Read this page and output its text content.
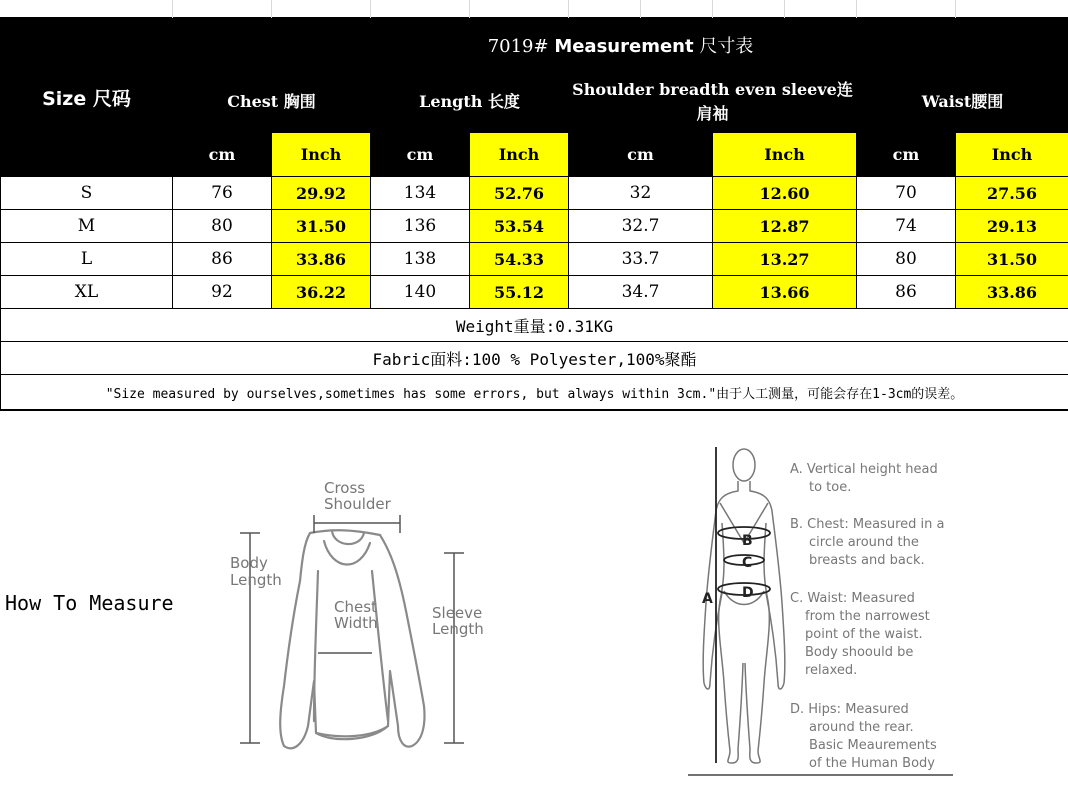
Size 尺码	7019# Measurement 尺寸表							
	Chest 胸围		Length 长度		Shoulder breadth even sleeve连肩袖		Waist腰围	
	cm	Inch	cm	Inch	cm	Inch	cm	Inch
S	76	29.92	134	52.76	32	12.60	70	27.56
M	80	31.50	136	53.54	32.7	12.87	74	29.13
L	86	33.86	138	54.33	33.7	13.27	80	31.50
XL	92	36.22	140	55.12	34.7	13.66	86	33.86
Weight重量:0.31KG								
Fabric面料:100 % Polyester,100%聚酯								
"Size measured by ourselves,sometimes has some errors, but always within 3cm."由于人工测量，可能会存在1-3cm的误差。								
How To Measure
Cross
Shoulder
Body
Length
Chest
Width
Sleeve
Length
A
B
C
D
A. Vertical height head
to toe.
B. Chest: Measured in a
circle around the
breasts and back.
C. Waist: Measured
from the narrowest
point of the waist.
Body shoould be
relaxed.
D. Hips: Measured
around the rear.
Basic Meaurements
of the Human Body
